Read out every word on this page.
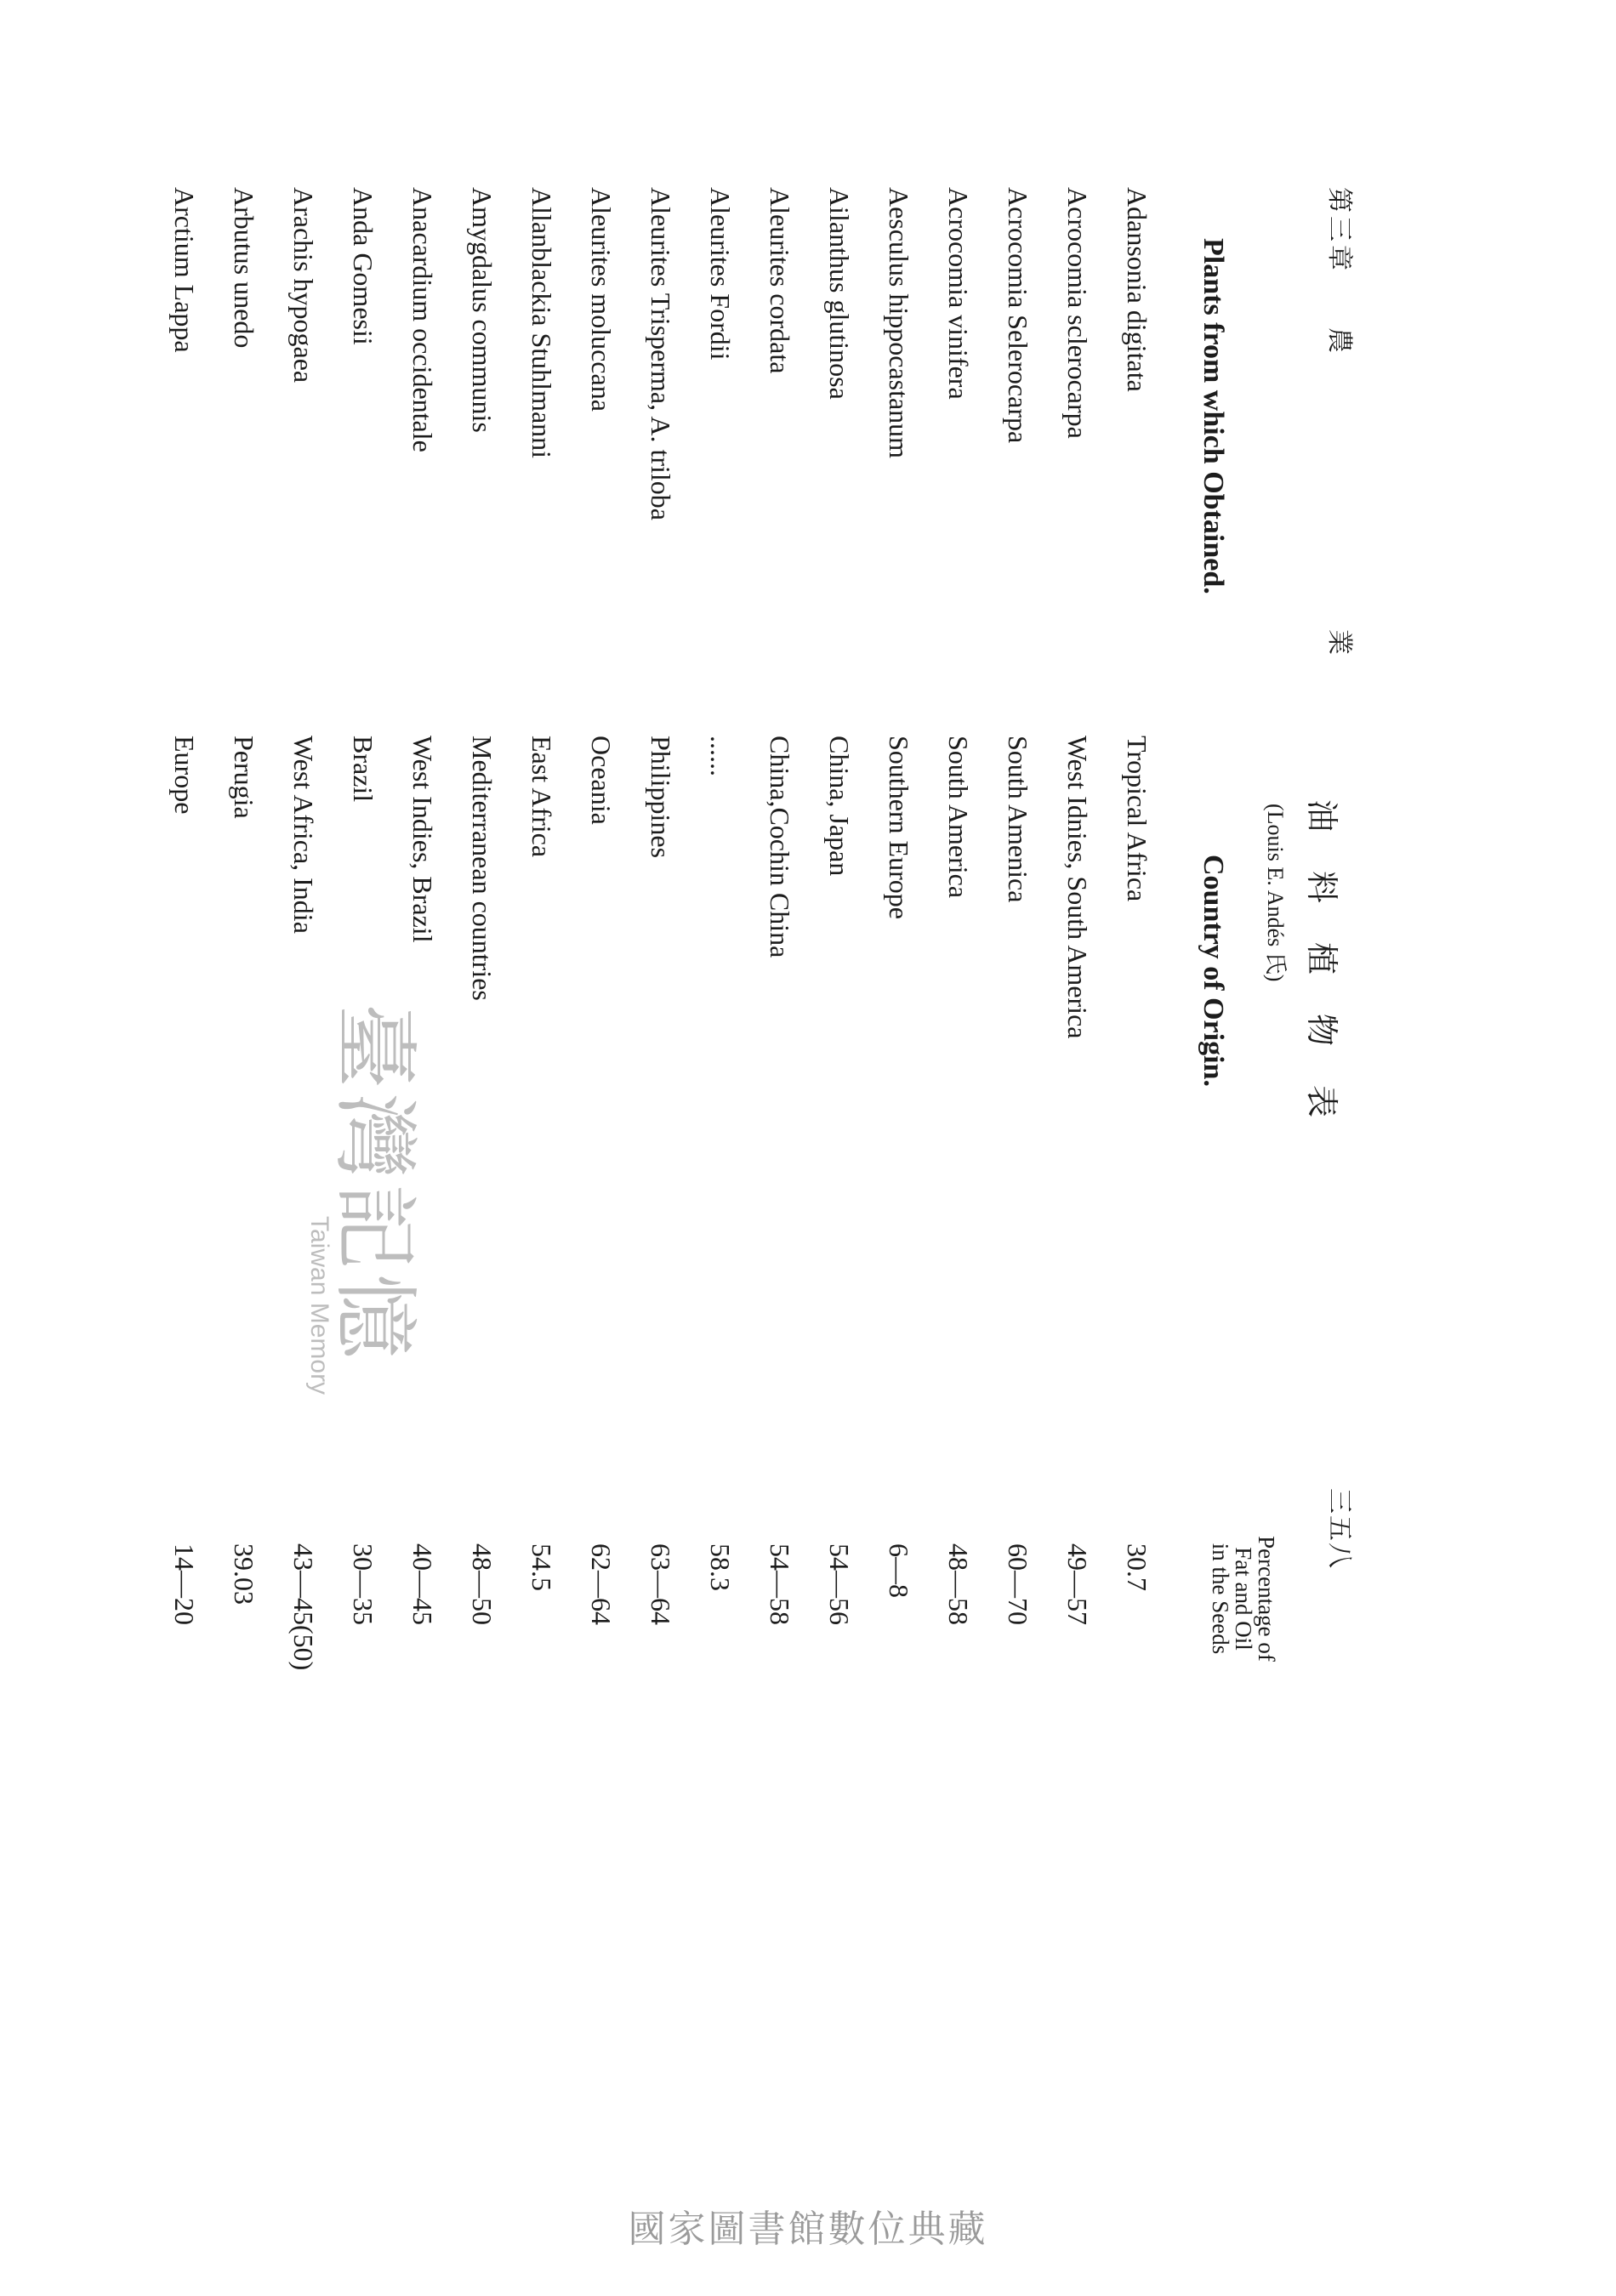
第三章
農
業
三五八
油料植物表
(Louis E. Andés 氏)
Plants from which Obtained.
Country of Origin.
Percentage of
Fat and Oil
in the Seeds
Adansonia digitata
Tropical Africa
30.7
Acrocomia sclerocarpa
West Idnies, South America
49—57
Acrocomia Selerocarpa
South Amenica
60—70
Acrocomia vinifera
South America
48—58
Aesculus hippocastanum
Southern Europe
6—8
Ailanthus glutinosa
China, Japan
54—56
Aleurites cordata
China,Cochin China
54—58
Aleurites Fordii
......
58.3
Aleurites Trisperma, A. triloba
Philippines
63—64
Aleurites moluccana
Oceania
62—64
Allanblackia Stuhlmanni
East Africa
54.5
Amygdalus communis
Mediterranean countries
48—50
Anacardium occidentale
West Indies, Brazil
40—45
Anda Gomesii
Brazil
30—35
Arachis hypogaea
West Africa, India
43—45(50)
Arbutus unedo
Perugia
39.03
Arctium Lappa
Europe
14—20
臺灣記憶
Taiwan Memory
國家圖書館數位典藏
